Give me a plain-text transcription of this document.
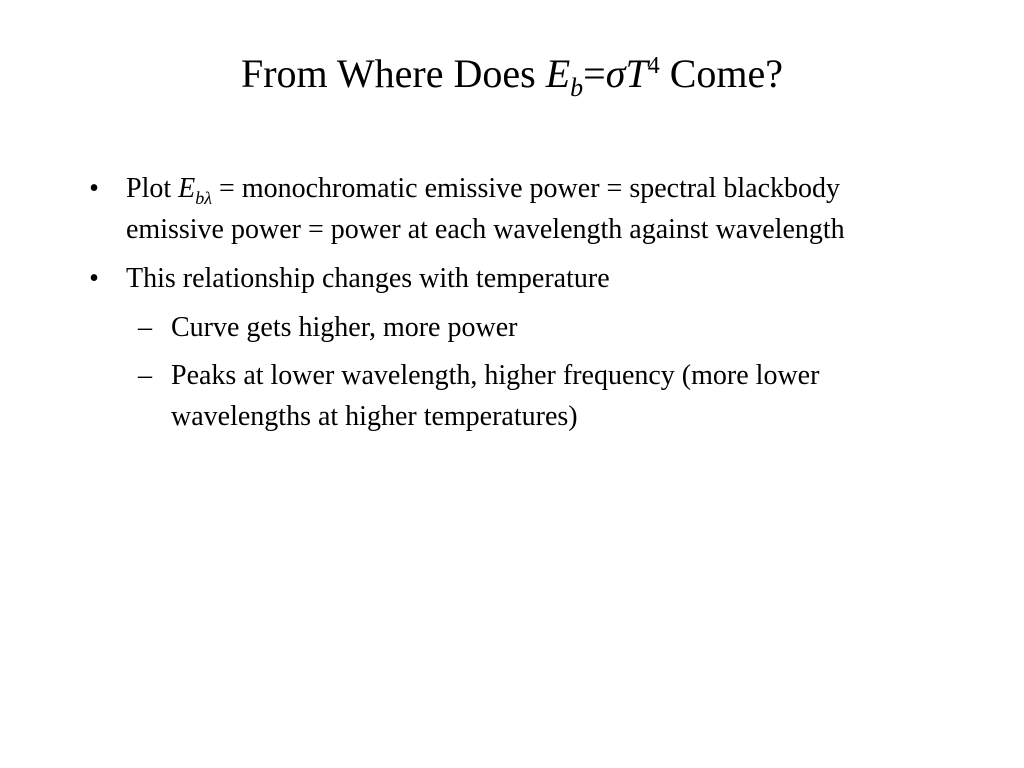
From Where Does $E_b=\sigma T^4$ Come?
• Plot $E_{b\lambda}$ = monochromatic emissive power = spectral blackbody emissive power = power at each wavelength against wavelength
• This relationship changes with temperature
– Curve gets higher, more power
– Peaks at lower wavelength, higher frequency (more lower wavelengths at higher temperatures)
